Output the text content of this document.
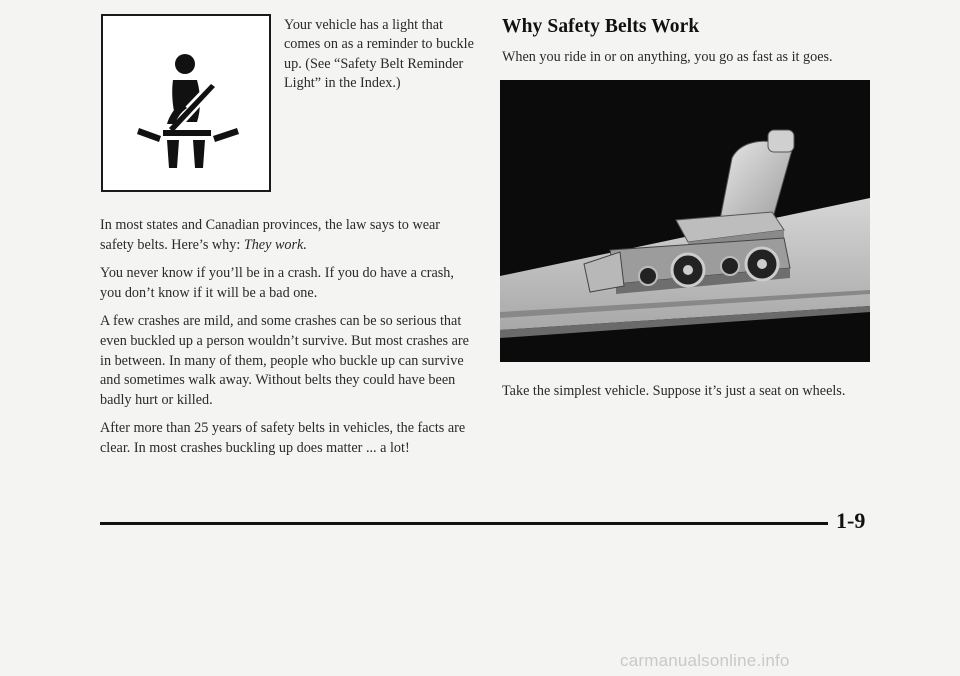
Your vehicle has a light that comes on as a reminder to buckle up. (See “Safety Belt Reminder Light” in the Index.)

In most states and Canadian provinces, the law says to wear safety belts. Here’s why: They work.

You never know if you’ll be in a crash. If you do have a crash, you don’t know if it will be a bad one.

A few crashes are mild, and some crashes can be so serious that even buckled up a person wouldn’t survive. But most crashes are in between. In many of them, people who buckle up can survive and sometimes walk away. Without belts they could have been badly hurt or killed.

After more than 25 years of safety belts in vehicles, the facts are clear. In most crashes buckling up does matter ... a lot!

Why Safety Belts Work

When you ride in or on anything, you go as fast as it goes.

Take the simplest vehicle. Suppose it’s just a seat on wheels.

1-9

carmanualsonline.info
